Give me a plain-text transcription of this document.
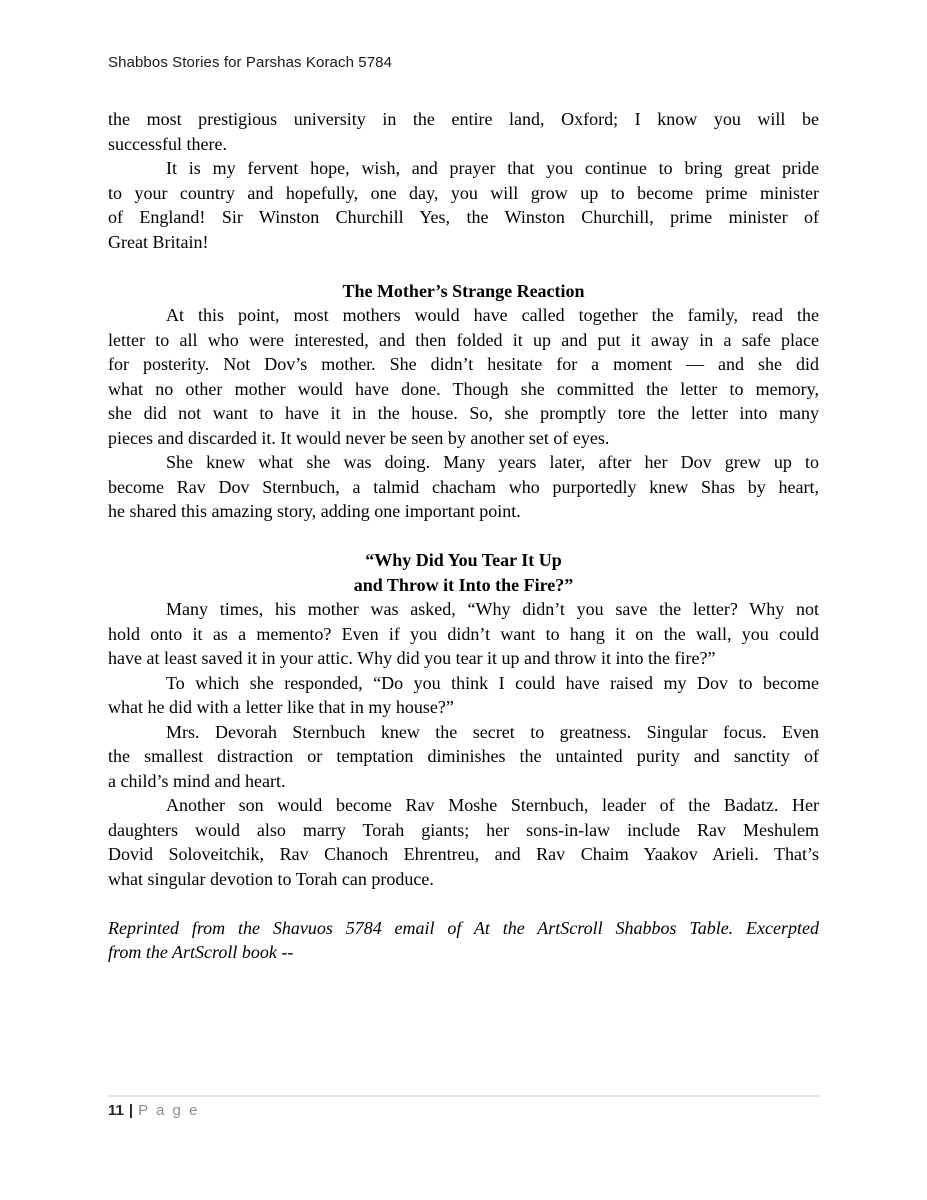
Shabbos Stories for Parshas Korach 5784
the most prestigious university in the entire land, Oxford; I know you will be
successful there.
It is my fervent hope, wish, and prayer that you continue to bring great pride
to your country and hopefully, one day, you will grow up to become prime minister
of England! Sir Winston Churchill Yes, the Winston Churchill, prime minister of
Great Britain!
The Mother’s Strange Reaction
At this point, most mothers would have called together the family, read the
letter to all who were interested, and then folded it up and put it away in a safe place
for posterity. Not Dov’s mother. She didn’t hesitate for a moment — and she did
what no other mother would have done. Though she committed the letter to memory,
she did not want to have it in the house. So, she promptly tore the letter into many
pieces and discarded it. It would never be seen by another set of eyes.
She knew what she was doing. Many years later, after her Dov grew up to
become Rav Dov Sternbuch, a talmid chacham who purportedly knew Shas by heart,
he shared this amazing story, adding one important point.
“Why Did You Tear It Up
and Throw it Into the Fire?”
Many times, his mother was asked, “Why didn’t you save the letter? Why not
hold onto it as a memento? Even if you didn’t want to hang it on the wall, you could
have at least saved it in your attic. Why did you tear it up and throw it into the fire?”
To which she responded, “Do you think I could have raised my Dov to become
what he did with a letter like that in my house?”
Mrs. Devorah Sternbuch knew the secret to greatness. Singular focus. Even
the smallest distraction or temptation diminishes the untainted purity and sanctity of
a child’s mind and heart.
Another son would become Rav Moshe Sternbuch, leader of the Badatz. Her
daughters would also marry Torah giants; her sons-in-law include Rav Meshulem
Dovid Soloveitchik, Rav Chanoch Ehrentreu, and Rav Chaim Yaakov Arieli. That’s
what singular devotion to Torah can produce.
Reprinted from the Shavuos 5784 email of At the ArtScroll Shabbos Table. Excerpted
from the ArtScroll book --
11 | P a g e
